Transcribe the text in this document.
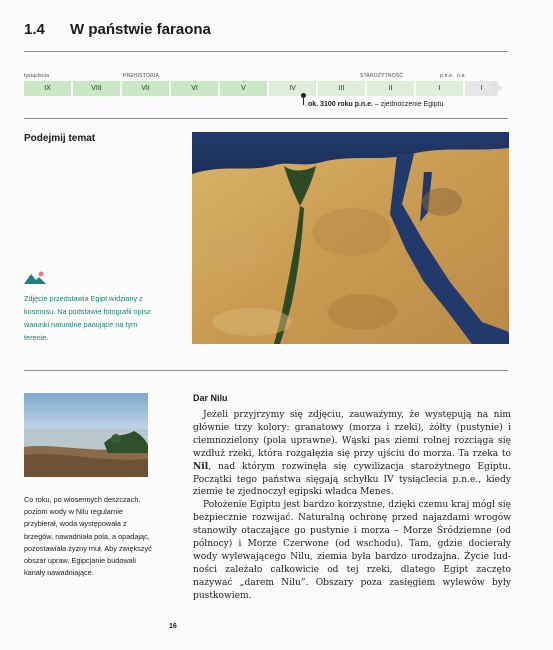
1.4 W państwie faraona
tysiąclecia	PREHISTORIA	STAROŻYTNOŚĆ	p.n.e. n.e.
IX	VIII	VII	VI	V	IV	III	II	I	I
ok. 3100 roku p.n.e. – zjednoczenie Egiptu
Podejmij temat
Zdjęcie przedstawia Egipt widziany z kosmosu. Na podstawie fotografii opisz warunki naturalne panujące na tym terenie.
Co roku, po wiosennych deszczach, poziom wody w Nilu regularnie przybierał, woda występowała z brzegów, nawadniała pola, a opadając, pozostawiała żyzny muł. Aby zwiększyć obszar upraw, Egipcjanie budowali kanały nawadniające.
Dar Nilu

Jeżeli przyjrzymy się zdjęciu, zauważymy, że występują na nim głównie trzy kolory: granatowy (morza i rzeki), żółty (pustynie) i ciemnozielony (pola uprawne). Wąski pas ziemi rolnej rozciąga się wzdłuż rzeki, która rozgałęzia się przy ujściu do morza. Ta rzeka to Nil, nad którym rozwinęła się cywilizacja starożytnego Egiptu. Początki tego państwa sięgają schyłku IV tysiąclecia p.n.e., kiedy ziemie te zjednoczył egipski władca Menes.

Położenie Egiptu jest bardzo korzystne, dzięki czemu kraj mógł się bezpiecznie rozwijać. Naturalną ochronę przed najazdami wrogów stanowiły otaczające go pustynie i morza – Morze Śródziemne (od północy) i Morze Czerwone (od wschodu). Tam, gdzie docierały wody wylewającego Nilu, ziemia była bardzo urodzajna. Życie ludności zależało całkowicie od tej rzeki, dlatego Egipt zaczęto nazywać „darem Nilu”. Obszary poza zasięgiem wylewów były pustkowiem.

16
